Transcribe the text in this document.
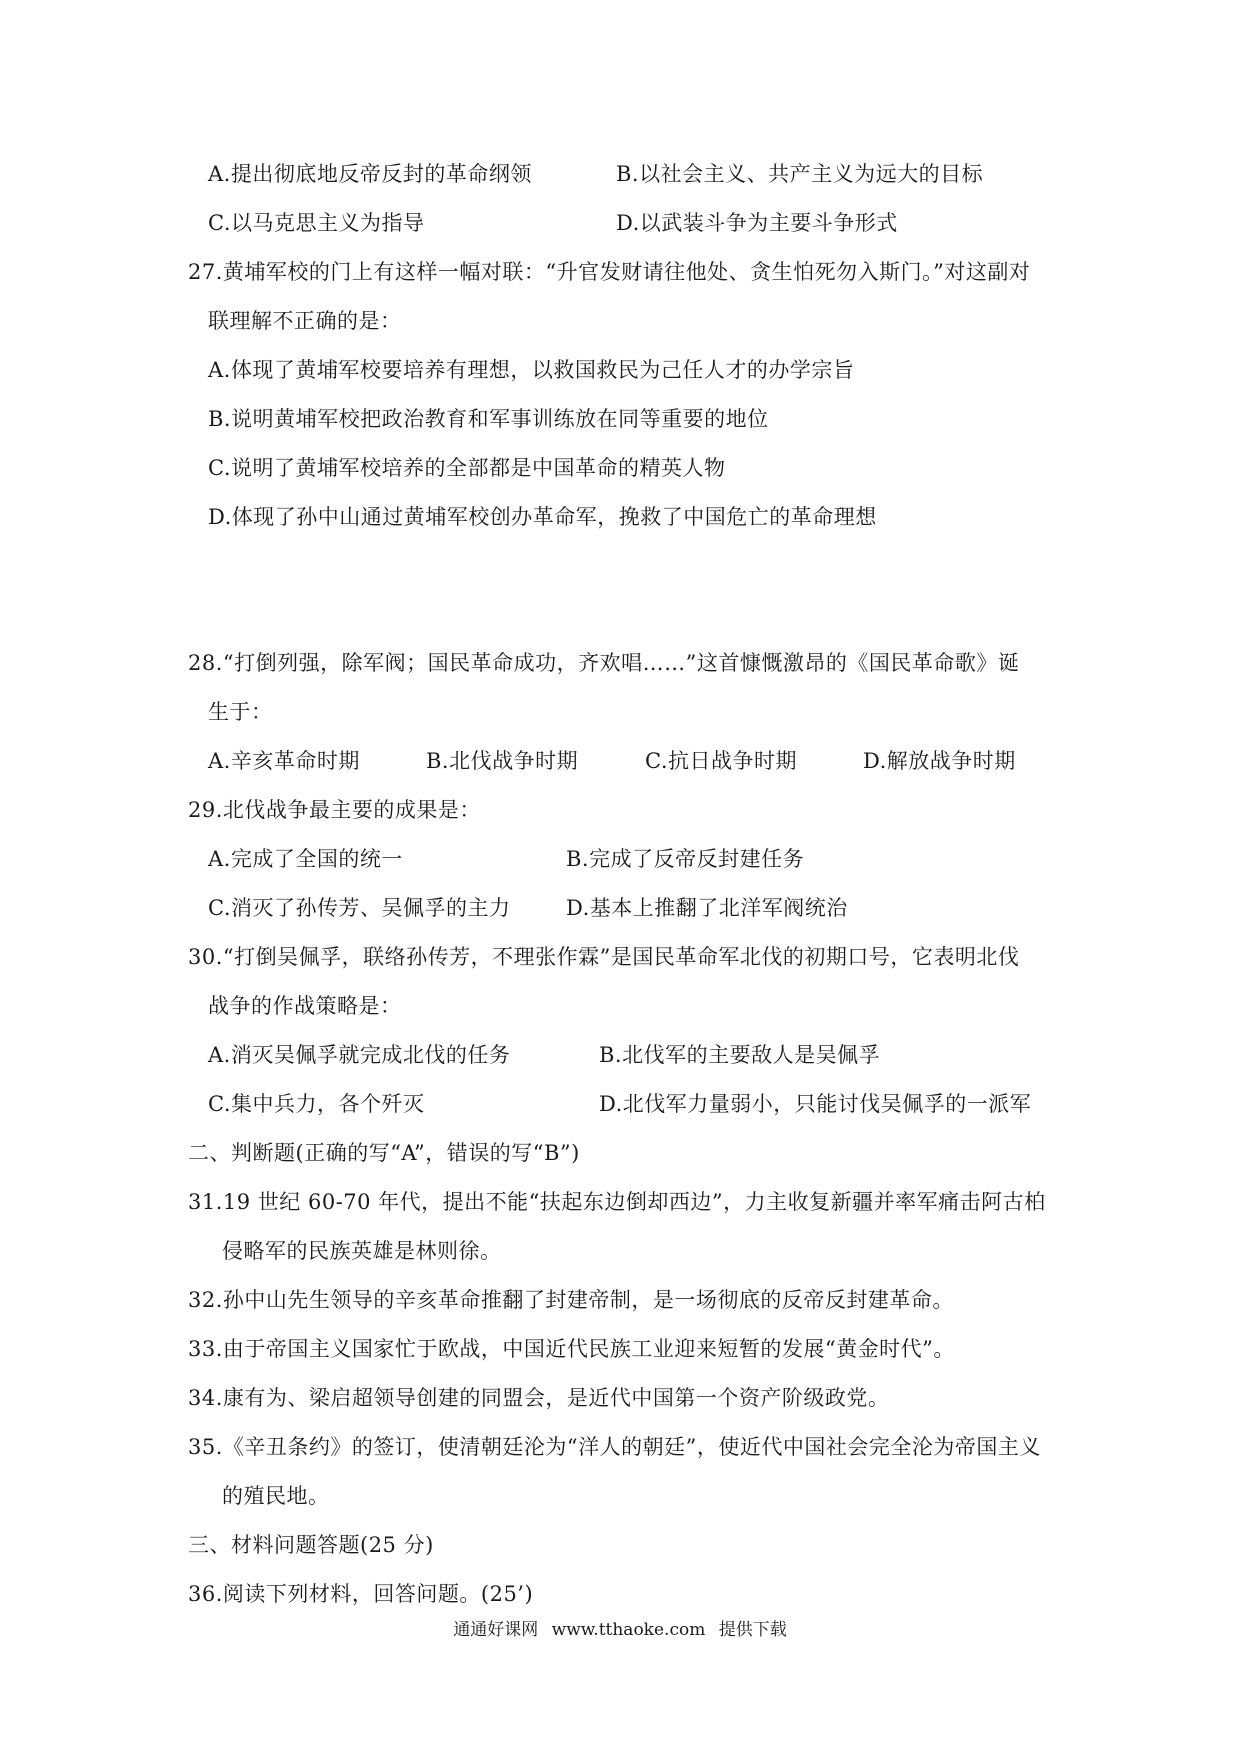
A.提出彻底地反帝反封的革命纲领	B.以社会主义、共产主义为远大的目标
C.以马克思主义为指导	D.以武装斗争为主要斗争形式
27.黄埔军校的门上有这样一幅对联：“升官发财请往他处、贪生怕死勿入斯门。”对这副对
联理解不正确的是：
A.体现了黄埔军校要培养有理想，以救国救民为己任人才的办学宗旨
B.说明黄埔军校把政治教育和军事训练放在同等重要的地位
C.说明了黄埔军校培养的全部都是中国革命的精英人物
D.体现了孙中山通过黄埔军校创办革命军，挽救了中国危亡的革命理想
28.“打倒列强，除军阀；国民革命成功，齐欢唱……”这首慷慨激昂的《国民革命歌》诞
生于：
A.辛亥革命时期	B.北伐战争时期	C.抗日战争时期	D.解放战争时期
29.北伐战争最主要的成果是：
A.完成了全国的统一	B.完成了反帝反封建任务
C.消灭了孙传芳、吴佩孚的主力	D.基本上推翻了北洋军阀统治
30.“打倒吴佩孚，联络孙传芳，不理张作霖”是国民革命军北伐的初期口号，它表明北伐
战争的作战策略是：
A.消灭吴佩孚就完成北伐的任务	B.北伐军的主要敌人是吴佩孚
C.集中兵力，各个歼灭	D.北伐军力量弱小，只能讨伐吴佩孚的一派军
二、判断题(正确的写“A”，错误的写“B”)
31.19 世纪 60-70 年代，提出不能“扶起东边倒却西边”，力主收复新疆并率军痛击阿古柏
侵略军的民族英雄是林则徐。
32.孙中山先生领导的辛亥革命推翻了封建帝制，是一场彻底的反帝反封建革命。
33.由于帝国主义国家忙于欧战，中国近代民族工业迎来短暂的发展“黄金时代”。
34.康有为、梁启超领导创建的同盟会，是近代中国第一个资产阶级政党。
35.《辛丑条约》的签订，使清朝廷沦为“洋人的朝廷”，使近代中国社会完全沦为帝国主义
的殖民地。
三、材料问题答题(25 分)
36.阅读下列材料，回答问题。(25’)
通通好课网 www.tthaoke.com 提供下载
